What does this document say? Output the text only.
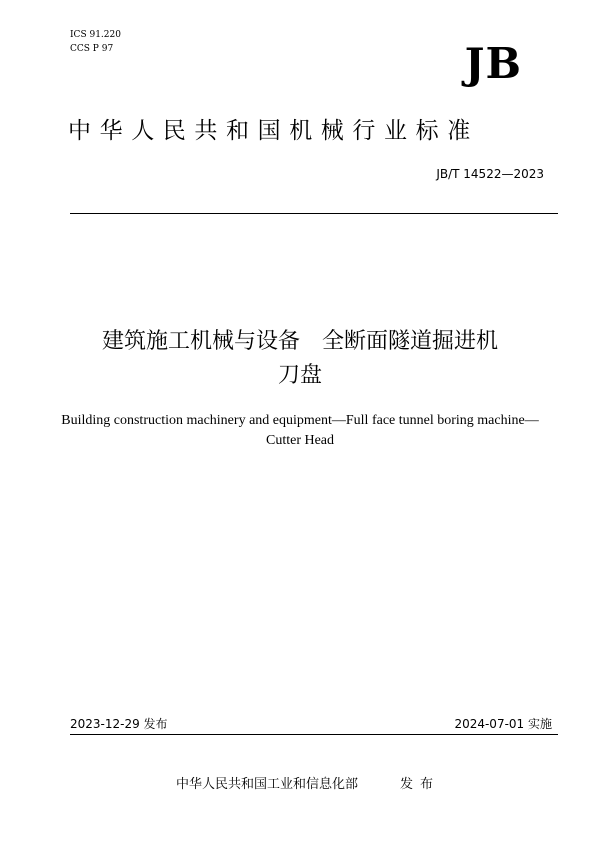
ICS 91.220
CCS P 97	JB
中华人民共和国机械行业标准
JB/T 14522—2023
建筑施工机械与设备　全断面隧道掘进机
刀盘
Building construction machinery and equipment—Full face tunnel boring machine—
Cutter Head
2023-12-29 发布	2024-07-01 实施
中华人民共和国工业和信息化部	发布
